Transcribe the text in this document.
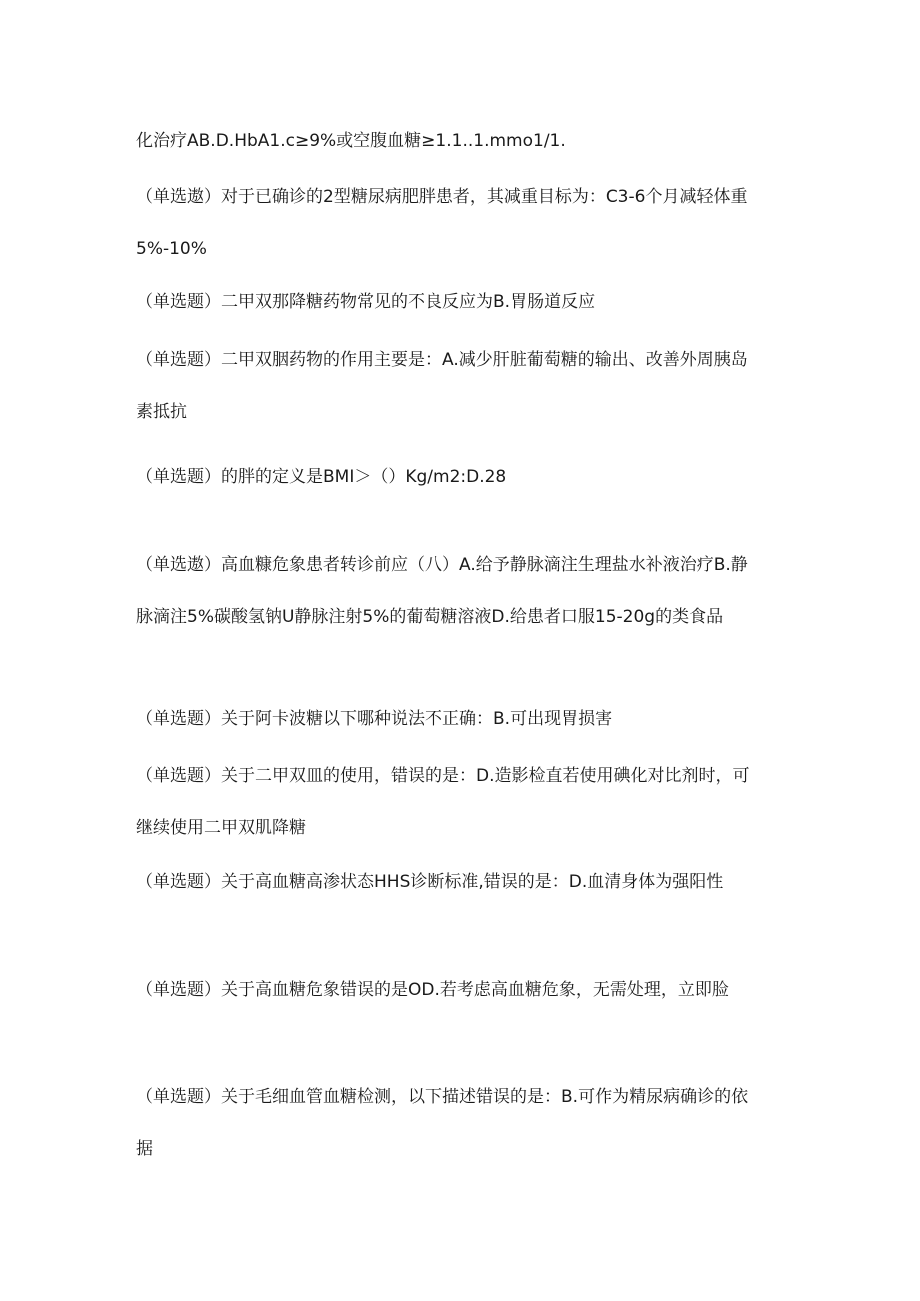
化治疗AB.D.HbA1.c≥9%或空腹血糖≥1.1..1.mmo1∕1.

（单选遨）对于已确诊的2型糖尿病肥胖患者，其减重目标为：C3-6个月减轻体重5%-10%

（单选题）二甲双那降糖药物常见的不良反应为B.胃肠道反应

（单选题）二甲双胭药物的作用主要是：A.减少肝脏葡萄糖的输出、改善外周胰岛素抵抗

（单选题）的胖的定义是BMI＞（）Kg∕m2:D.28

（单选遨）高血糠危象患者转诊前应（八）A.给予静脉滴注生理盐水补液治疗B.静脉滴注5%碳酸氢钠U静脉注射5%的葡萄糖溶液D.给患者口服15-20g的类食品

（单选题）关于阿卡波糖以下哪种说法不正确：B.可出现胃损害

（单选题）关于二甲双皿的使用，错误的是：D.造影检直若使用碘化对比剂时，可继续使用二甲双肌降糖

（单选题）关于高血糖高渗状态HHS诊断标准,错误的是：D.血清身体为强阳性

（单选题）关于高血糖危象错误的是OD.若考虑高血糖危象，无需处理，立即脸

（单选题）关于毛细血管血糖检测，以下描述错误的是：B.可作为精尿病确诊的依据
